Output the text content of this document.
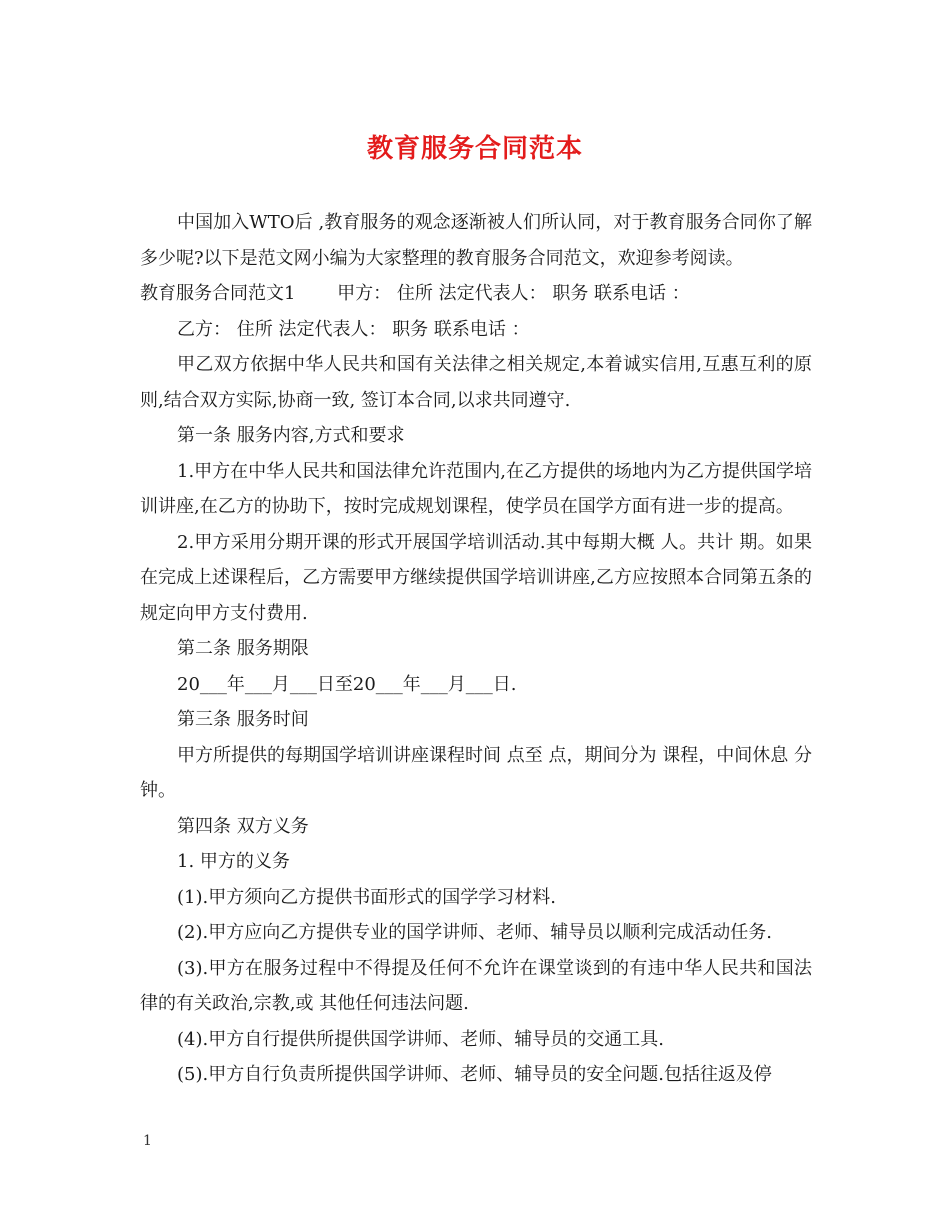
教育服务合同范本

中国加入WTO后 ,教育服务的观念逐渐被人们所认同，对于教育服务合同你了解多少呢?以下是范文网小编为大家整理的教育服务合同范文，欢迎参考阅读。

教育服务合同范文1　　 甲方： 住所 法定代表人： 职务 联系电话 ：

乙方： 住所 法定代表人： 职务 联系电话 ：

甲乙双方依据中华人民共和国有关法律之相关规定,本着诚实信用,互惠互利的原则,结合双方实际,协商一致, 签订本合同,以求共同遵守.

第一条 服务内容,方式和要求

1.甲方在中华人民共和国法律允许范围内,在乙方提供的场地内为乙方提供国学培训讲座,在乙方的协助下，按时完成规划课程，使学员在国学方面有进一步的提高。

2.甲方采用分期开课的形式开展国学培训活动.其中每期大概 人。共计 期。如果在完成上述课程后，乙方需要甲方继续提供国学培训讲座,乙方应按照本合同第五条的规定向甲方支付费用.

第二条 服务期限

20___年___月___日至20___年___月___日.

第三条 服务时间

甲方所提供的每期国学培训讲座课程时间 点至 点，期间分为 课程，中间休息 分钟。

第四条 双方义务

1. 甲方的义务

(1).甲方须向乙方提供书面形式的国学学习材料.

(2).甲方应向乙方提供专业的国学讲师、老师、辅导员以顺利完成活动任务.

(3).甲方在服务过程中不得提及任何不允许在课堂谈到的有违中华人民共和国法律的有关政治,宗教,或 其他任何违法问题.

(4).甲方自行提供所提供国学讲师、老师、辅导员的交通工具.

(5).甲方自行负责所提供国学讲师、老师、辅导员的安全问题.包括往返及停

1
